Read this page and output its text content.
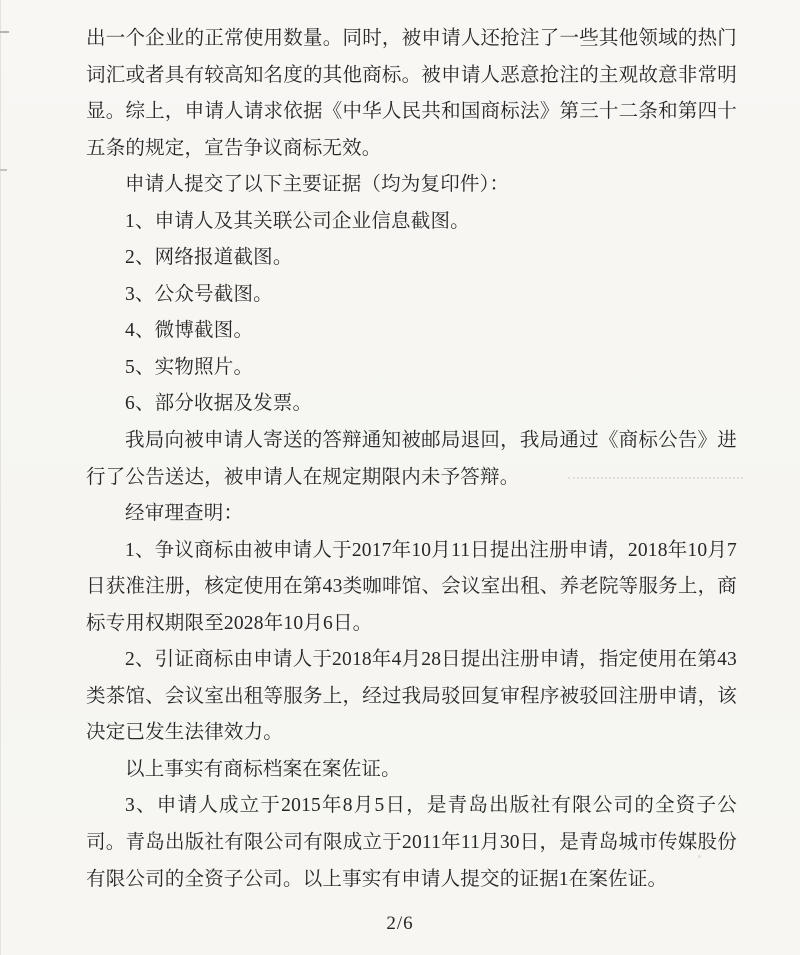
出一个企业的正常使用数量。同时，被申请人还抢注了一些其他领域的热门
词汇或者具有较高知名度的其他商标。被申请人恶意抢注的主观故意非常明
显。综上，申请人请求依据《中华人民共和国商标法》第三十二条和第四十
五条的规定，宣告争议商标无效。
申请人提交了以下主要证据（均为复印件）：
1、申请人及其关联公司企业信息截图。
2、网络报道截图。
3、公众号截图。
4、微博截图。
5、实物照片。
6、部分收据及发票。
我局向被申请人寄送的答辩通知被邮局退回，我局通过《商标公告》进
行了公告送达，被申请人在规定期限内未予答辩。
经审理查明：
1、争议商标由被申请人于2017年10月11日提出注册申请，2018年10月7
日获准注册，核定使用在第43类咖啡馆、会议室出租、养老院等服务上，商
标专用权期限至2028年10月6日。
2、引证商标由申请人于2018年4月28日提出注册申请，指定使用在第43
类茶馆、会议室出租等服务上，经过我局驳回复审程序被驳回注册申请，该
决定已发生法律效力。
以上事实有商标档案在案佐证。
3、申请人成立于2015年8月5日，是青岛出版社有限公司的全资子公
司。青岛出版社有限公司有限成立于2011年11月30日，是青岛城市传媒股份
有限公司的全资子公司。以上事实有申请人提交的证据1在案佐证。
2/6
